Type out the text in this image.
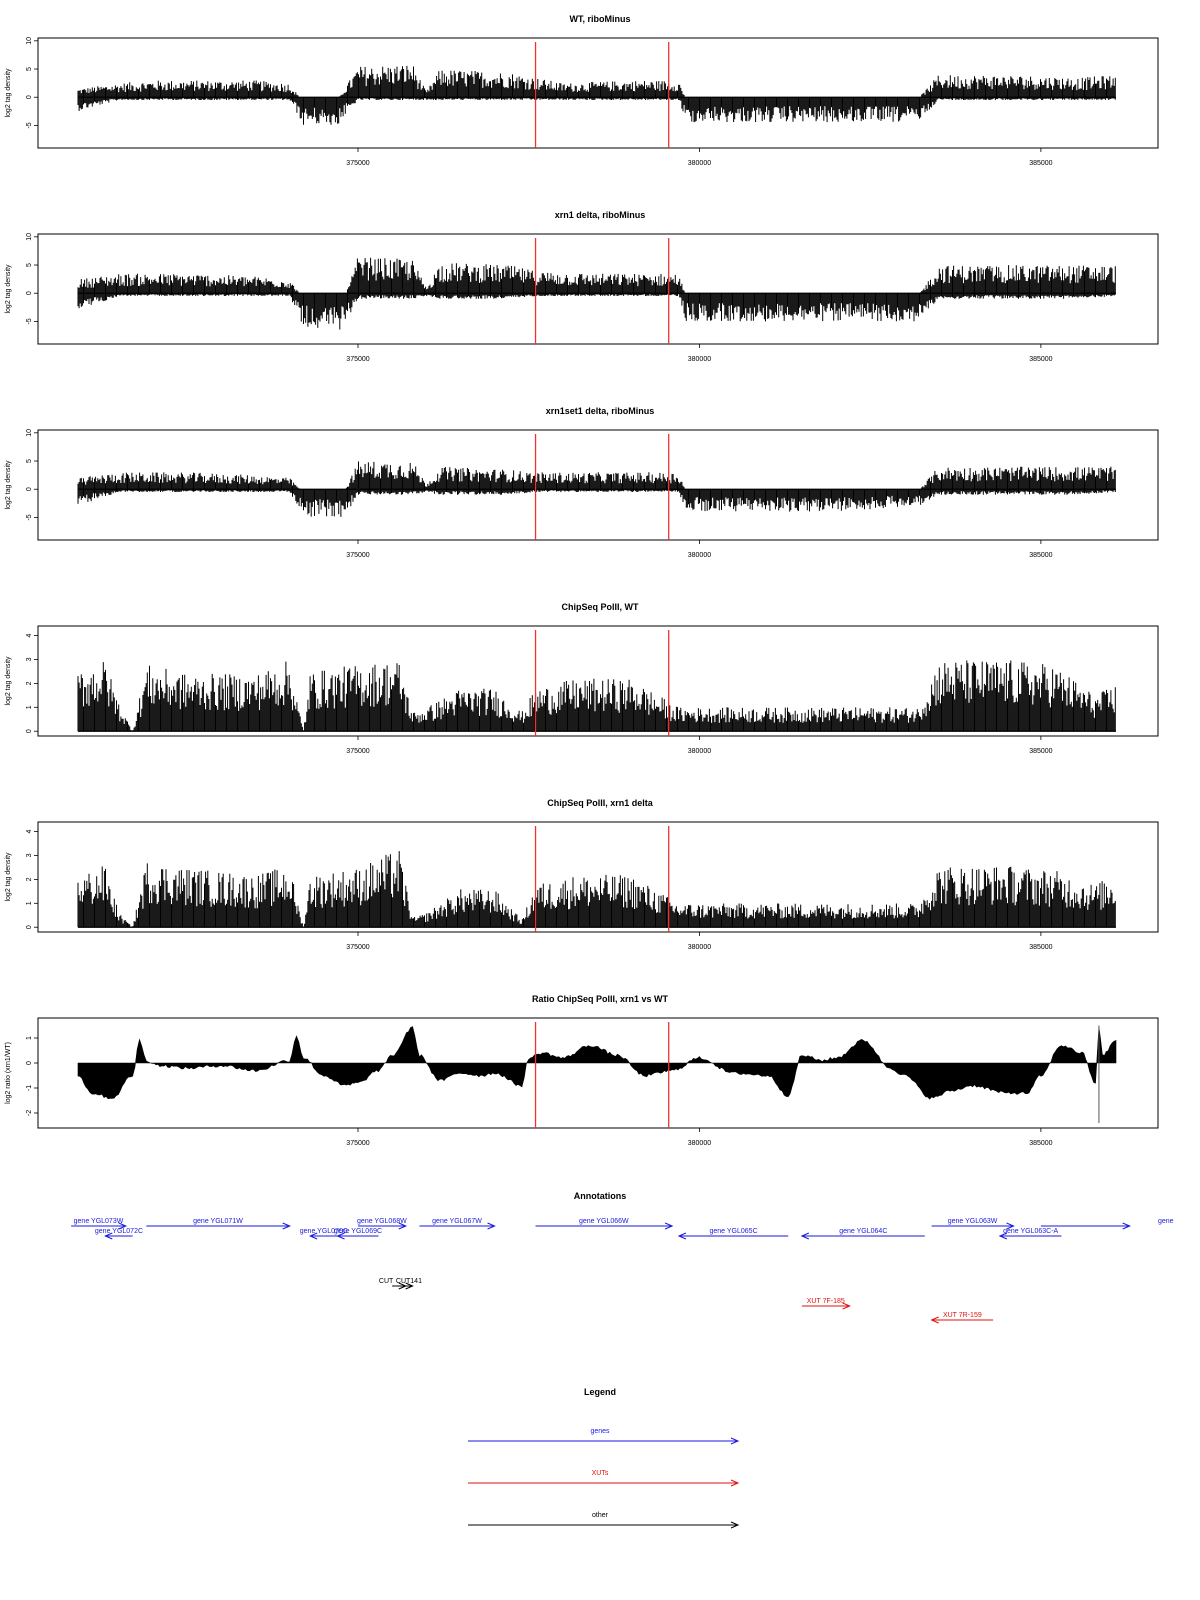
WT, riboMinus
-5
0
5
10
log2 tag density
375000	380000	385000
xrn1 delta, riboMinus
-5
0
5
10
log2 tag density
375000	380000	385000
xrn1set1 delta, riboMinus
-5
0
5
10
log2 tag density
375000	380000	385000
ChipSeq PolII, WT
0
1
2
3
4
log2 tag density
375000	380000	385000
ChipSeq PolII, xrn1 delta
0
1
2
3
4
log2 tag density
375000	380000	385000
Ratio ChipSeq PolII, xrn1 vs WT
-2
-1
0
1
log2 ratio (xrn1/WT)
375000	380000	385000
Annotations
gene YGL072C
gene YGL071W
gene YGL070C
gene YGL069C
gene YGL068W	gene YGL067W	gene YGL066W
gene YGL065C	gene YGL064C
gene YGL063W
gene YGL063C-A
CUT CUT141
XUT 7F-185
XUT 7R-159
gene YGL073W	gene
Legend
genes
XUTs
other
